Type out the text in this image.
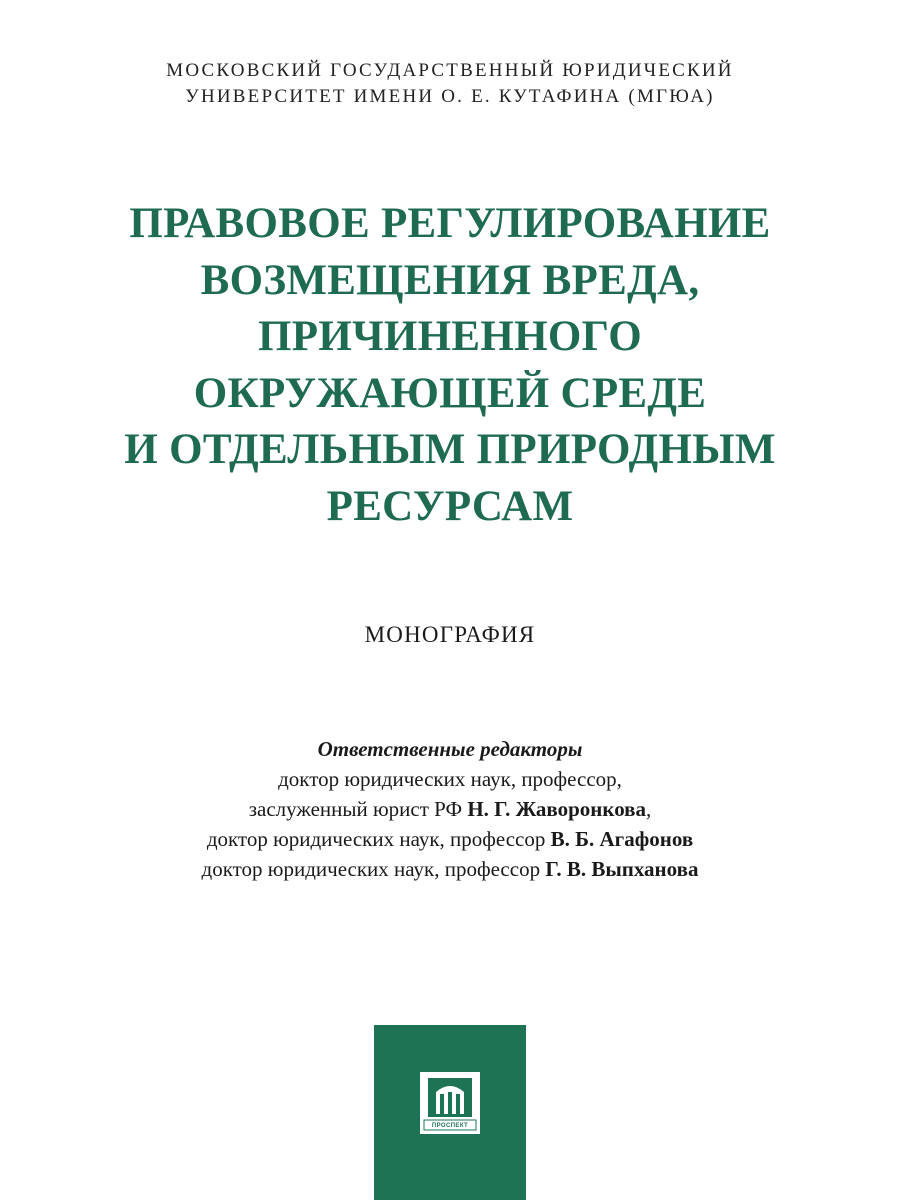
МОСКОВСКИЙ ГОСУДАРСТВЕННЫЙ ЮРИДИЧЕСКИЙ
УНИВЕРСИТЕТ ИМЕНИ О. Е. КУТАФИНА (МГЮА)
ПРАВОВОЕ РЕГУЛИРОВАНИЕ
ВОЗМЕЩЕНИЯ ВРЕДА,
ПРИЧИНЕННОГО
ОКРУЖАЮЩЕЙ СРЕДЕ
И ОТДЕЛЬНЫМ ПРИРОДНЫМ
РЕСУРСАМ
МОНОГРАФИЯ
Ответственные редакторы
доктор юридических наук, профессор,
заслуженный юрист РФ Н. Г. Жаворонкова,
доктор юридических наук, профессор В. Б. Агафонов
доктор юридических наук, профессор Г. В. Выпханова
ПРОСПЕКТ
